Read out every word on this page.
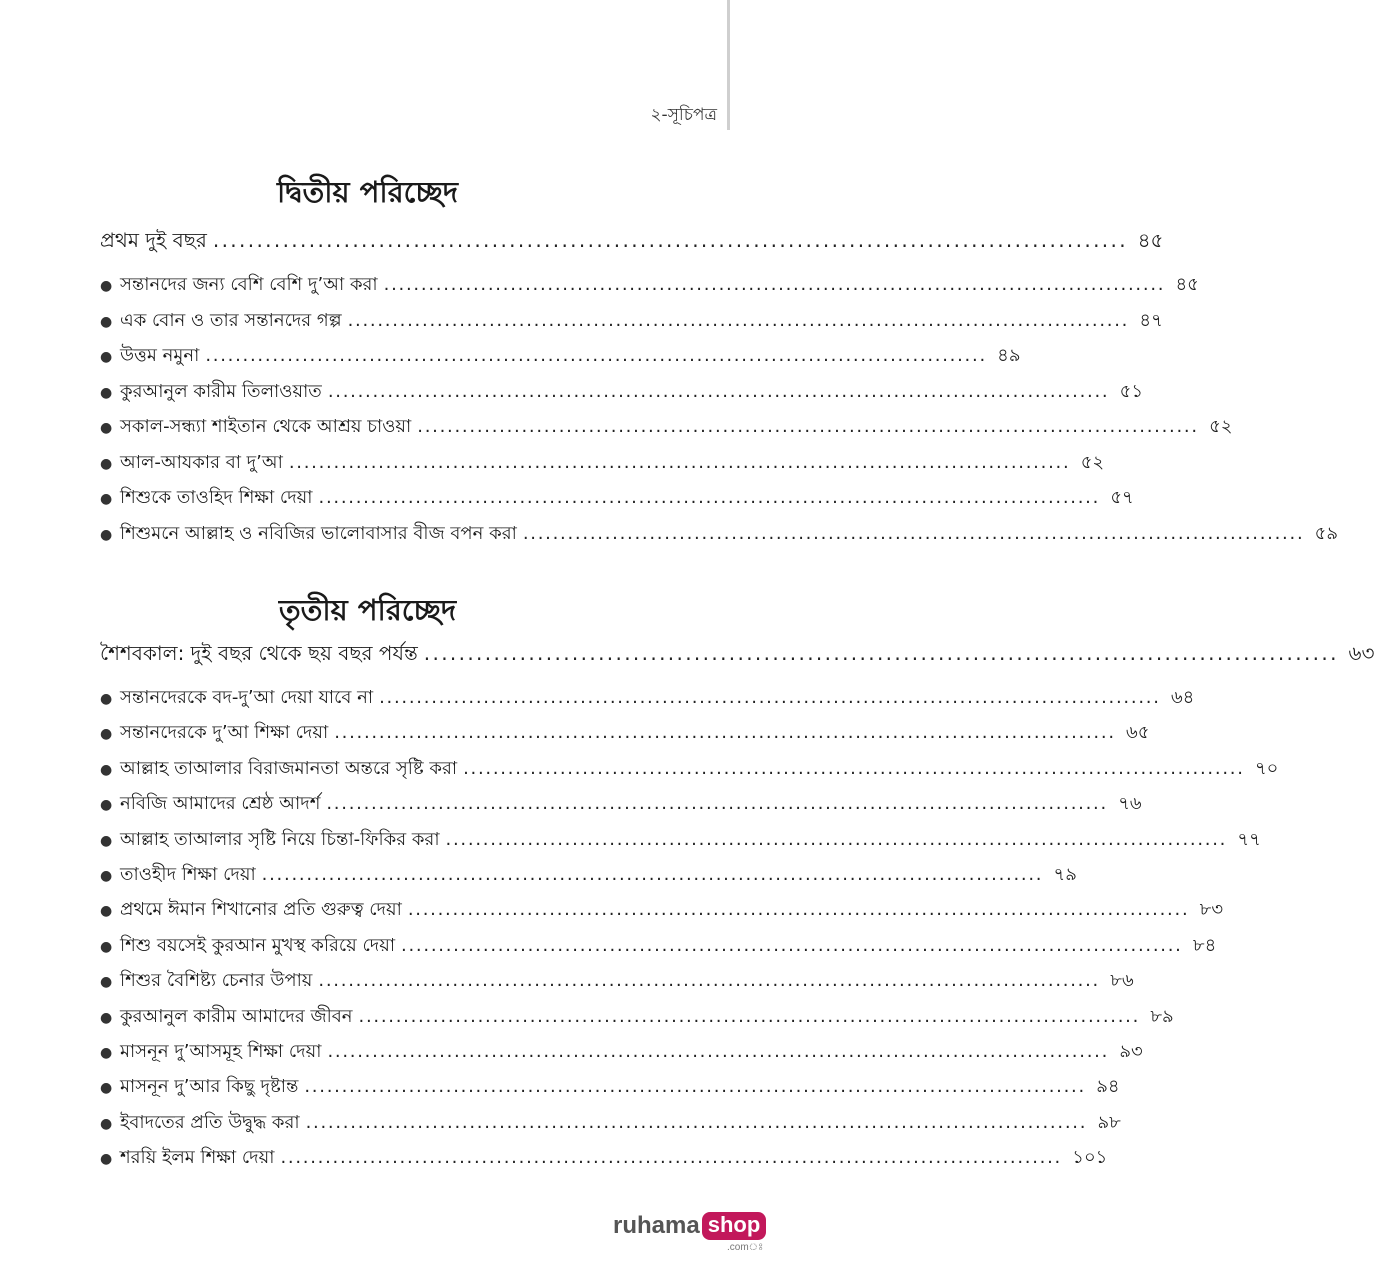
২-সূচিপত্র
দ্বিতীয় পরিচ্ছেদ
প্রথম দুই বছর . . .	৪৫
● সন্তানদের জন্য বেশি বেশি দু’আ করা . . .	৪৫
● এক বোন ও তার সন্তানদের গল্প . . .	৪৭
● উত্তম নমুনা . . .	৪৯
● কুরআনুল কারীম তিলাওয়াত . . .	৫১
● সকাল-সন্ধ্যা শাইতান থেকে আশ্রয় চাওয়া . . .	৫২
● আল-আযকার বা দু’আ . . .	৫২
● শিশুকে তাওহিদ শিক্ষা দেয়া . . .	৫৭
● শিশুমনে আল্লাহ ও নবিজির ভালোবাসার বীজ বপন করা . . .	৫৯
তৃতীয় পরিচ্ছেদ
শৈশবকাল: দুই বছর থেকে ছয় বছর পর্যন্ত . . .	৬৩
● সন্তানদেরকে বদ-দু’আ দেয়া যাবে না . . .	৬৪
● সন্তানদেরকে দু’আ শিক্ষা দেয়া . . .	৬৫
● আল্লাহ তাআলার বিরাজমানতা অন্তরে সৃষ্টি করা . . .	৭০
● নবিজি আমাদের শ্রেষ্ঠ আদর্শ . . .	৭৬
● আল্লাহ তাআলার সৃষ্টি নিয়ে চিন্তা-ফিকির করা . . .	৭৭
● তাওহীদ শিক্ষা দেয়া . . .	৭৯
● প্রথমে ঈমান শিখানোর প্রতি গুরুত্ব দেয়া . . .	৮৩
● শিশু বয়সেই কুরআন মুখস্থ করিয়ে দেয়া . . .	৮৪
● শিশুর বৈশিষ্ট্য চেনার উপায় . . .	৮৬
● কুরআনুল কারীম আমাদের জীবন . . .	৮৯
● মাসনূন দু’আসমূহ শিক্ষা দেয়া . . .	৯৩
● মাসনূন দু’আর কিছু দৃষ্টান্ত . . .	৯৪
● ইবাদতের প্রতি উদ্বুদ্ধ করা . . .	৯৮
● শরয়ি ইলম শিক্ষা দেয়া . . .	১০১
ruhama shop
.comঃ
